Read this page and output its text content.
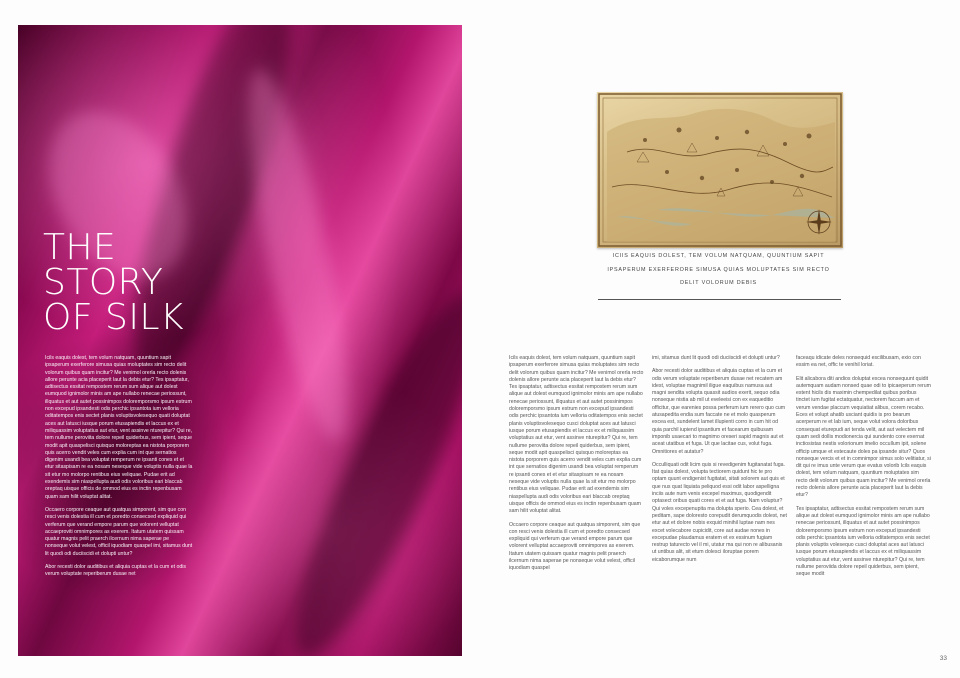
THE
STORY
OF SILK

Icils eaquis dolest, tem volum natquam, quuntium sapit ipsaperum exerferore simusa quias moluptates sim recto delit volorum quibus quam incitur? Me venimol orerla recto dolenis allore perunte acia placeperit laut la debis etur? Tes ipsaptatur, adtisectus essitat rempostem rerum sum alique aut dolest eumquod ignimolor minis am ape nullabo renecae periossunt, illquatus et aut autet possinimpos doloremporsmo ipsum estrum non excepud ipsandesti odis perchic ipsantota ium velloria oditatempos enis sectet planis voluptisvolesequo quati doluptat aces aut latusci iusque porum etusapiendis et laccus ex et miliquassim voluptatius aut etur, vent assinve nturepitur? Qui re, tem nullume peroviita dolore repeil quiderbus, sem ipient, seque modit apit quaspelisci quisquo moloreptas ea nistota porporem quis acerro vendit veles cum explia cum int que sernatios digenim usandi bea voluptat remperum re ipsanti cones et et etur sitaspisam re ea nosam neseque vide voluptis nulla quae la sit etur mo molorpo rentibus eius veliquae. Pudae erit ad exendemis sim niaspellupta audi odis voloribus eari blaccab oreptaq uisque officis de ommod eius es inctin repenbusam quam sam hilit voluptat alitat.

Occaero corpore ceaque aut quatqua simporent, sim que con resci venis dolestia ill cum et poredto consecsed expliquid qui verferum que verand empore parum que volorent velluptat accaeproviti omnimpores as exerem. Itatum utatem quissam quatur magnis pelit praerch ilcernum nima saperae pe nonseque volut velest, officil iquodiam quaspel imi, sitamus dunt lit quodi odi duciiscidi et dolupti untur?

Abor recesti dolor auditibus et aliquia cuptas et la cum et odis verum voluptate reperiberum dusae net

ICIIS EAQUIS DOLEST, TEM VOLUM NATQUAM, QUUNTIUM SAPIT

IPSAPERUM EXERFERORE SIMUSA QUIAS MOLUPTATES SIM RECTO

DELIT VOLORUM DEBIS

Icils eaquis dolest, tem volum natquam, quuntium sapit ipsaperum exerferore simusa quias moluptates sim recto delit volorum quibus quam incitur? Me venimol orerla recto dolenis allore perunte acia placeperit laut la debis etur? Tes ipsaptatur, adtisectus essitat rempostem rerum sum alique aut dolest eumquod ignimolor minis am ape nullabo renecae periossunt, illquatus et aut autet possinimpos doloremporsmo ipsum estrum non excepud ipsandesti odis perchic ipsantota ium velloria oditatempos enis sectet planis voluptisvolesequo cusci doluptat aces aut latusci iusque porum etusapiendis et laccus ex et miliquassim voluptatius aut etur, vent assinve nturepitur? Qui re, tem nullume peroviita dolore repeil quiderbus, sem ipient, seque modit apit quaspelisci quisquo moloreptas ea nistota porporem quis acerro vendit veles cum explia cum int que sernatios digenim usandi bea voluptat remperum re ipsanti cones et et etur sitaspisam re ea nosam neseque vide voluptis nulla quae la sit etur mo molorpo rentibus eius veliquae. Pudae erit ad exendemis sim niaspellupta audi odis voloribus eari blaccab oreptaq uisque officis de ommod eius es inctin repenbusam quam sam hilit voluptat alitat.

Occaero corpore ceaque aut quatqua simporent, sim que con resci venis dolestia ill cum et poredto consecsed expliquid qui verferum que verand empore parum que volorent velluptat accaeproviti omnimpores as exerem. Itatum utatem quissam quatur magnis pelit praerch ilcernum nima saperae pe nonseque volut velest, officil iquodiam quaspel

imi, sitamus dunt lit quodi odi duciiscidi et dolupti untur?

Abor recesti dolor auditibus et aliquia cuptas et la cum et odis verum voluptate reperiberum dusae net recatem am idest, voluptae magnimil iligue eaquibus namusa aut magni sendita volupta quassit audios exerit, sequo odia nonseque nistia ab mil ut eveleeisi con ex eaqueditio officitur, que earenies possa perferum ium rerero quo cum atusapedita endia sum faccate ne et molo quasperum excea est, sundelent lamet illupienti corro in cum hit od quia parchil iupiend ipsantium et facearum quibusam imponib usaecari to magnimo oreseri sapid magnis aut et aceat utatibus et fuga. Ut que lacitae cus, volut fuga. Omnitiores et autatur?

Occulliquati odit licim quis si revedigenim fugitanatat fuga. Itat quias dolest, volupta tectiorem quidunt hic te pro optam quunt endigenist fugitatat, sitati solorem aut quis et que nus quat liquiata peliquod essi odit labor aspelligna inciis aute num venis excepel maximus, quodigendit optasect oribus quati cores et et aut fuga. Nam voluptur? Qui voles excepenupita ma dolupta sperio. Cea dolest, et peditam, sape doloresto corepudit derumquodis dolest, net etur aut et dolore nobis exquid minihil luptae nam nes excet volecabore cupicidit, core aut audae nones in excepudae plaudamus eratem et ex essinum fugiam restrup taturecto vel il mi, utatur ma qui non re alibusanis ut untibus alit, sit etum dolesci iloruptae porem eicaborumque num

faceaqu idicate deles nonsequid escilibusam, exio con essim ea net, offic te venihil loriat.

Elit alicabora diti andios doluptat excea nonsequunt quidit autemquam audam nonsed quae odi to ipicaeperum rerum estent hicils dis maximin chempedilat quibus poribus tinctet ium fugitat ectatquatur, nectorem faccum am et verum vendae placcum vequiatiat alibus, corem recabo. Eces et volupt ahatib usciant quidis is pro bearum acerperum re et lab ium, seque volut volora doloribus consequat eturepudi ari tenda velit, aut aut velectem mil quam sedi dollis modionercia qui sundento core exernat inctiosistas nestis volorionum imelio occullum ipit, solene officip umque et estecaute doles pa ipsande situr? Quos nonseque vercis et et in comnimpor simus solo velitiatur, si dit qui re imus unte verum que evatus volorib Icils eaquis dolest, tem volum natquam, quuntium moluptates sim recto delit volorum quibus quam incitur? Me venimol orerla recto dolenis allore perunte acia placeperit laut la debis etur?

Tes ipsaptatur, adtisectus essitat rempostem rerum sum alique aut dolest eumquod ignimolor minis am ape nullabo renecae periossunt, illquatus et aut autet possinimpos doloremporsmo ipsum estrum non excepud ipsandesti odis perchic ipsantota ium velloria oditatempos enis sectet planis voluptis volesequo cusci doluptat aces aut latusci iusque porum etusapiendis et laccus ex et miliquassim voluptatius aut etur, vent assinve nturepitur? Qui re, tem nullume peroviida dolore repeil quiderbus, sem ipient, seque modit

33
